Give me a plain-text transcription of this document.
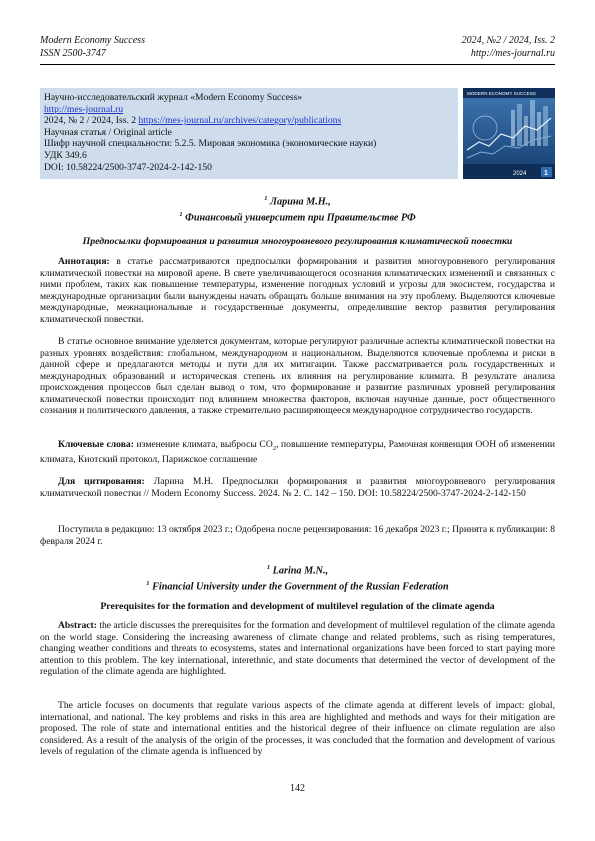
Modern Economy Success
ISSN 2500-3747
2024, №2 / 2024, Iss. 2
http://mes-journal.ru
Научно-исследовательский журнал «Modern Economy Success»
http://mes-journal.ru
2024, № 2 / 2024, Iss. 2 https://mes-journal.ru/archives/category/publications
Научная статья / Original article
Шифр научной специальности: 5.2.5. Мировая экономика (экономические науки)
УДК 349.6
DOI: 10.58224/2500-3747-2024-2-142-150
MODERN ECONOMY SUCCESS
2024	1
$^1$ Ларина М.Н.,
$^1$ Финансовый университет при Правительстве РФ
Предпосылки формирования и развития многоуровневого регулирования климатической повестки
Аннотация: в статье рассматриваются предпосылки формирования и развития многоуровневого регулирования климатической повестки на мировой арене. В свете увеличивающегося осознания климатических изменений и связанных с ними проблем, таких как повышение температуры, изменение погодных условий и угрозы для экосистем, государства и международные организации были вынуждены начать обращать больше внимания на эту проблему. Выделяются ключевые международные, межнациональные и государственные документы, определившие вектор развития регулирования климатической повестки.
В статье основное внимание уделяется документам, которые регулируют различные аспекты климатической повестки на разных уровнях воздействия: глобальном, международном и национальном. Выделяются ключевые проблемы и риски в данной сфере и предлагаются методы и пути для их митигации. Также рассматривается роль государственных и международных образований и историческая степень их влияния на регулирование климата. В результате анализа происхождения процессов был сделан вывод о том, что формирование и развитие различных уровней регулирования климатической повестки происходит под влиянием множества факторов, включая научные данные, рост общественного сознания и политического давления, а также стремительно расширяющееся международное сотрудничество государств.
Ключевые слова: изменение климата, выбросы $CO_2$, повышение температуры, Рамочная конвенция ООН об изменении климата, Киотский протокол, Парижское соглашение
Для цитирования: Ларина М.Н. Предпосылки формирования и развития многоуровневого регулирования климатической повестки // Modern Economy Success. 2024. № 2. С. 142 – 150. DOI: 10.58224/2500-3747-2024-2-142-150
Поступила в редакцию: 13 октября 2023 г.; Одобрена после рецензирования: 16 декабря 2023 г.; Принята к публикации: 8 февраля 2024 г.
$^1$ Larina M.N.,
$^1$ Financial University under the Government of the Russian Federation
Prerequisites for the formation and development of multilevel regulation of the climate agenda
Abstract: the article discusses the prerequisites for the formation and development of multilevel regulation of the climate agenda on the world stage. Considering the increasing awareness of climate change and related problems, such as rising temperatures, changing weather conditions and threats to ecosystems, states and international organizations have been forced to start paying more attention to this problem. The key international, interethnic, and state documents that determined the vector of development of the regulation of the climate agenda are highlighted.
The article focuses on documents that regulate various aspects of the climate agenda at different levels of impact: global, international, and national. The key problems and risks in this area are highlighted and methods and ways for their mitigation are proposed. The role of state and international entities and the historical degree of their influence on climate regulation are also considered. As a result of the analysis of the origin of the processes, it was concluded that the formation and development of various levels of regulation of the climate agenda is influenced by
142
